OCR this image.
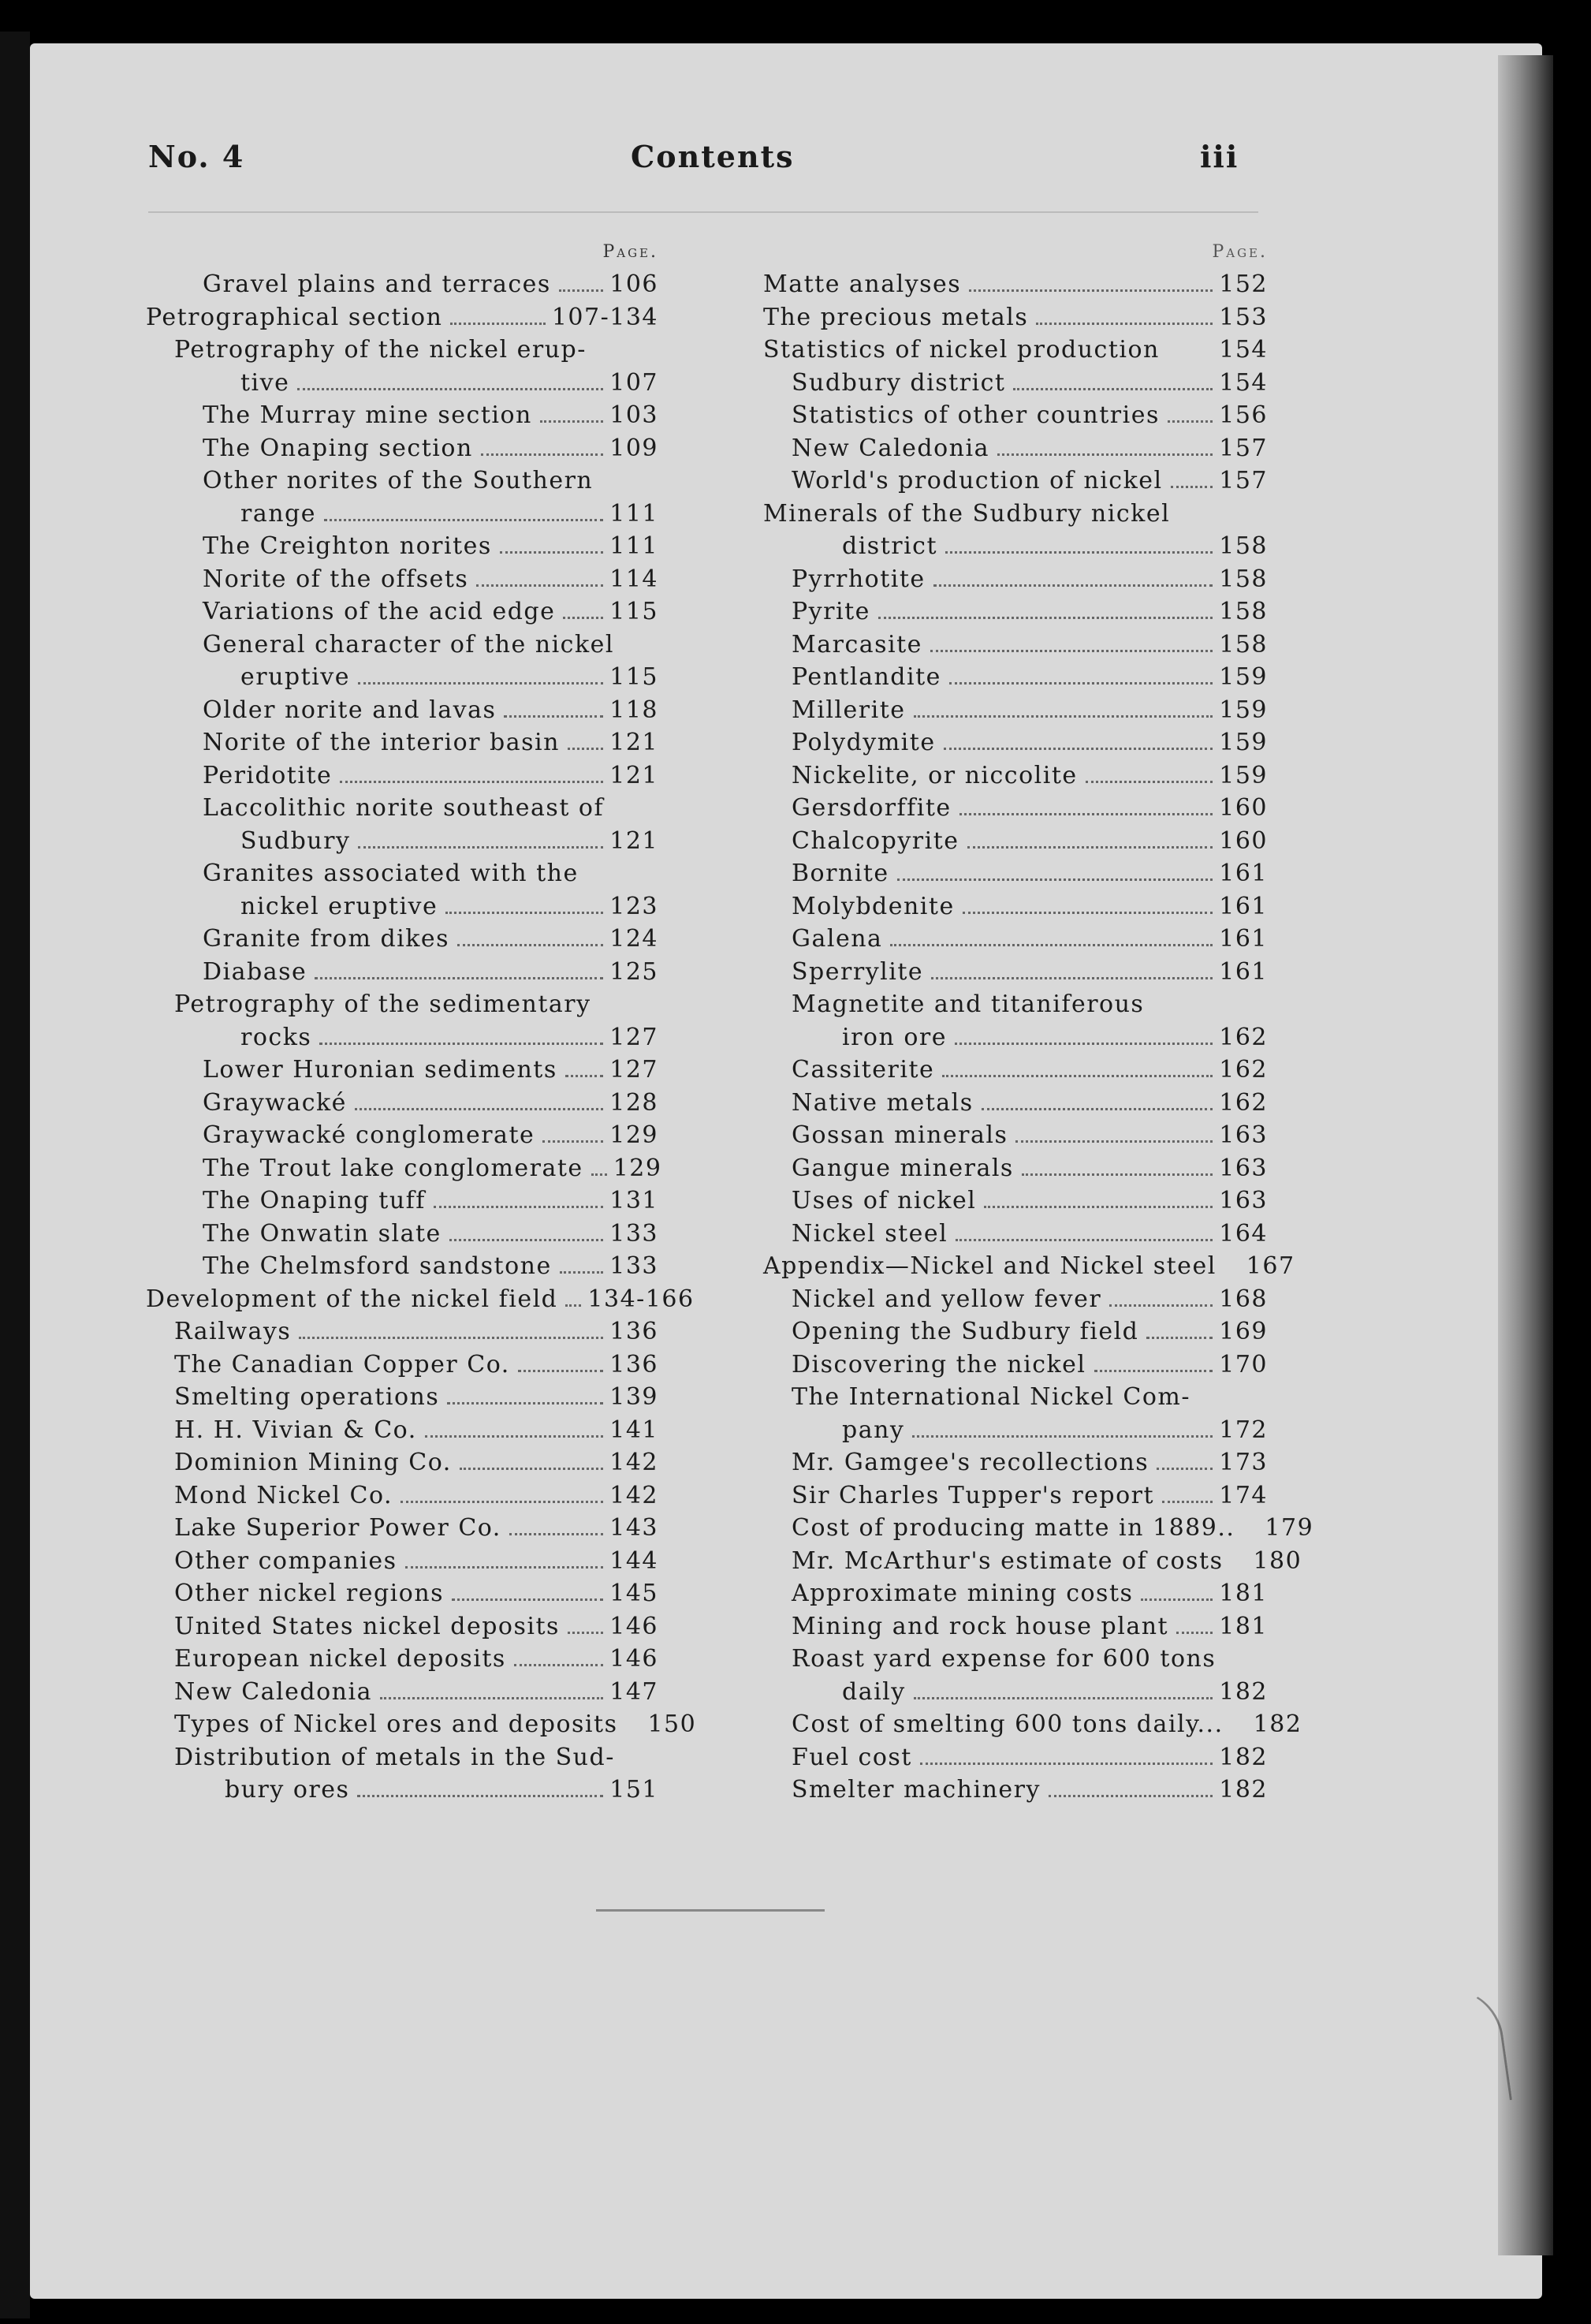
No. 4	Contents	iii
Page.
Gravel plains and terraces 106
Petrographical section	107-134
Petrography of the nickel erup-
tive	107
The Murray mine section	103
The Onaping section	109
Other norites of the Southern
range	111
The Creighton norites	111
Norite of the offsets	114
Variations of the acid edge 115
General character of the nickel
eruptive	115
Older norite and lavas	118
Norite of the interior basin 121
Peridotite	121
Laccolithic norite southeast of
Sudbury	121
Granites associated with the
nickel eruptive	123
Granite from dikes	124
Diabase	125
Petrography of the sedimentary
rocks	127
Lower Huronian sediments 127
Graywacké	128
Graywacké conglomerate	129
The Trout lake conglomerate 129
The Onaping tuff	131
The Onwatin slate	133
The Chelmsford sandstone 133
Development of the nickel field 134-166
Railways	136
The Canadian Copper Co.	136
Smelting operations	139
H. H. Vivian & Co.	141
Dominion Mining Co.	142
Mond Nickel Co.	142
Lake Superior Power Co.	143
Other companies	144
Other nickel regions	145
United States nickel deposits 146
European nickel deposits	146
New Caledonia	147
Types of Nickel ores and deposits 150
Distribution of metals in the Sud-
bury ores	151
Page.
Matte analyses	152
The precious metals	153
Statistics of nickel production	154
Sudbury district	154
Statistics of other countries	156
New Caledonia	157
World's production of nickel 157
Minerals of the Sudbury nickel
district	158
Pyrrhotite	158
Pyrite	158
Marcasite	158
Pentlandite	159
Millerite	159
Polydymite	159
Nickelite, or niccolite	159
Gersdorffite	160
Chalcopyrite	160
Bornite	161
Molybdenite	161
Galena	161
Sperrylite	161
Magnetite and titaniferous
iron ore	162
Cassiterite	162
Native metals	162
Gossan minerals	163
Gangue minerals	163
Uses of nickel	163
Nickel steel	164
Appendix—Nickel and Nickel steel 167
Nickel and yellow fever	168
Opening the Sudbury field	169
Discovering the nickel	170
The International Nickel Com-
pany	172
Mr. Gamgee's recollections	173
Sir Charles Tupper's report	174
Cost of producing matte in 1889.. 179
Mr. McArthur's estimate of costs 180
Approximate mining costs	181
Mining and rock house plant 181
Roast yard expense for 600 tons
daily	182
Cost of smelting 600 tons daily... 182
Fuel cost	182
Smelter machinery	182
